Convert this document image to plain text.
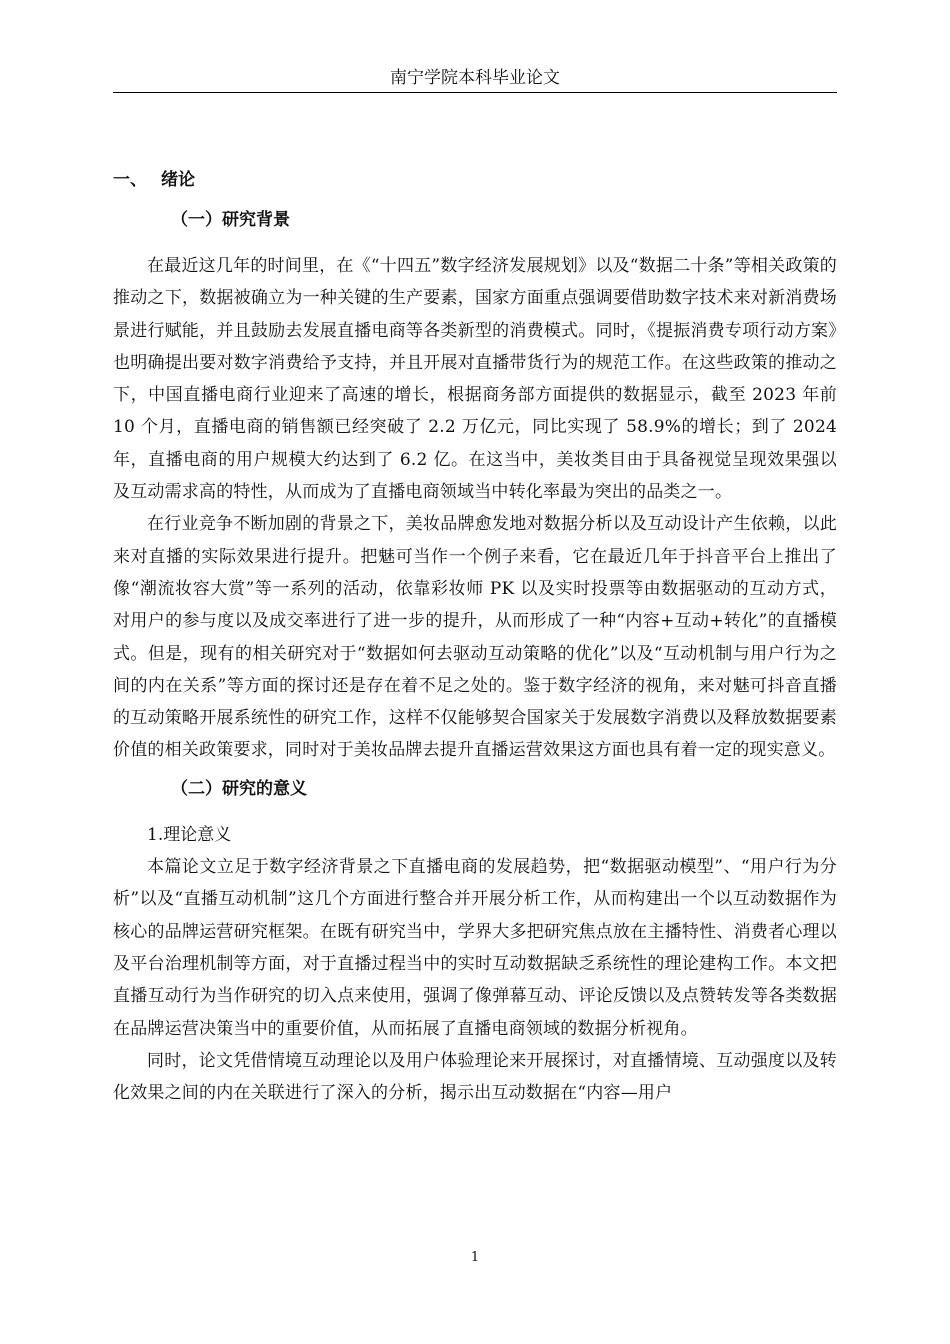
南宁学院本科毕业论文
一、 绪论
（一）研究背景

在最近这几年的时间里，在《“十四五”数字经济发展规划》以及“数据二十条”等相关政策的推动之下，数据被确立为一种关键的生产要素，国家方面重点强调要借助数字技术来对新消费场景进行赋能，并且鼓励去发展直播电商等各类新型的消费模式。同时，《提振消费专项行动方案》也明确提出要对数字消费给予支持，并且开展对直播带货行为的规范工作。在这些政策的推动之下，中国直播电商行业迎来了高速的增长，根据商务部方面提供的数据显示，截至 2023 年前 10 个月，直播电商的销售额已经突破了 2.2 万亿元，同比实现了 58.9%的增长；到了 2024 年，直播电商的用户规模大约达到了 6.2 亿。在这当中，美妆类目由于具备视觉呈现效果强以及互动需求高的特性，从而成为了直播电商领域当中转化率最为突出的品类之一。

在行业竞争不断加剧的背景之下，美妆品牌愈发地对数据分析以及互动设计产生依赖，以此来对直播的实际效果进行提升。把魅可当作一个例子来看，它在最近几年于抖音平台上推出了像“潮流妆容大赏”等一系列的活动，依靠彩妆师 PK 以及实时投票等由数据驱动的互动方式，对用户的参与度以及成交率进行了进一步的提升，从而形成了一种“内容+互动+转化”的直播模式。但是，现有的相关研究对于“数据如何去驱动互动策略的优化”以及“互动机制与用户行为之间的内在关系”等方面的探讨还是存在着不足之处的。鉴于数字经济的视角，来对魅可抖音直播的互动策略开展系统性的研究工作，这样不仅能够契合国家关于发展数字消费以及释放数据要素价值的相关政策要求，同时对于美妆品牌去提升直播运营效果这方面也具有着一定的现实意义。

（二）研究的意义

1.理论意义

本篇论文立足于数字经济背景之下直播电商的发展趋势，把“数据驱动模型”、“用户行为分析”以及“直播互动机制”这几个方面进行整合并开展分析工作，从而构建出一个以互动数据作为核心的品牌运营研究框架。在既有研究当中，学界大多把研究焦点放在主播特性、消费者心理以及平台治理机制等方面，对于直播过程当中的实时互动数据缺乏系统性的理论建构工作。本文把直播互动行为当作研究的切入点来使用，强调了像弹幕互动、评论反馈以及点赞转发等各类数据在品牌运营决策当中的重要价值，从而拓展了直播电商领域的数据分析视角。

同时，论文凭借情境互动理论以及用户体验理论来开展探讨，对直播情境、互动强度以及转化效果之间的内在关联进行了深入的分析，揭示出互动数据在“内容—用户

1
